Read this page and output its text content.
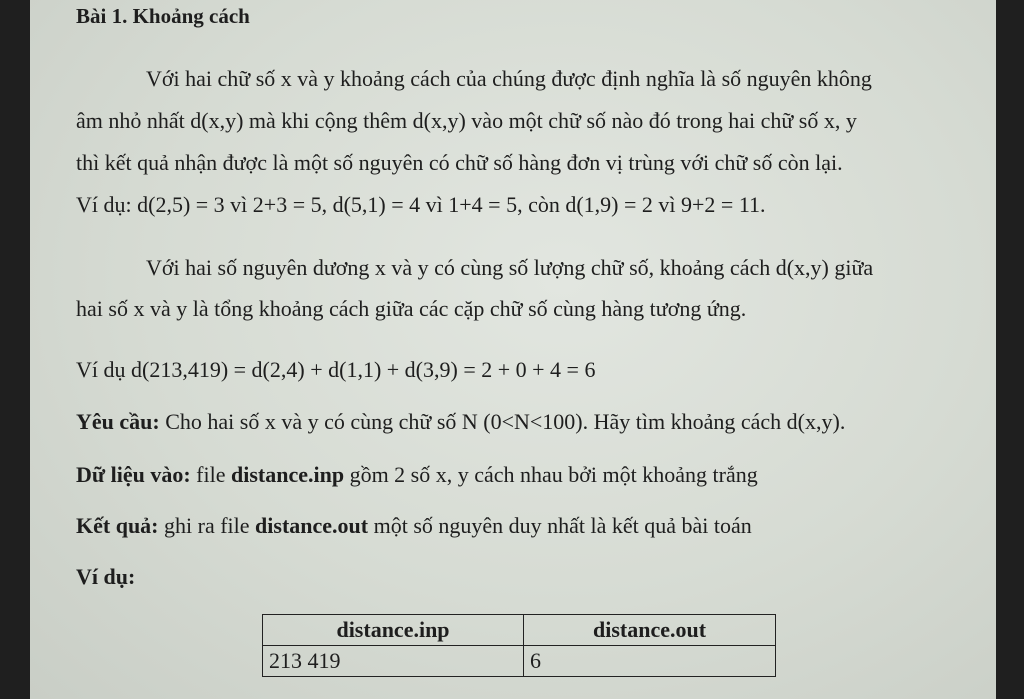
Bài 1. Khoảng cách
Với hai chữ số x và y khoảng cách của chúng được định nghĩa là số nguyên không
âm nhỏ nhất d(x,y) mà khi cộng thêm d(x,y) vào một chữ số nào đó trong hai chữ số x, y
thì kết quả nhận được là một số nguyên có chữ số hàng đơn vị trùng với chữ số còn lại.
Ví dụ: d(2,5) = 3 vì 2+3 = 5, d(5,1) = 4 vì 1+4 = 5, còn d(1,9) = 2 vì 9+2 = 11.
Với hai số nguyên dương x và y có cùng số lượng chữ số, khoảng cách d(x,y) giữa
hai số x và y là tổng khoảng cách giữa các cặp chữ số cùng hàng tương ứng.
Ví dụ d(213,419) = d(2,4) + d(1,1) + d(3,9) = 2 + 0 + 4 = 6
Yêu cầu: Cho hai số x và y có cùng chữ số N (0<N<100). Hãy tìm khoảng cách d(x,y).
Dữ liệu vào: file distance.inp gồm 2 số x, y cách nhau bởi một khoảng trắng
Kết quả: ghi ra file distance.out một số nguyên duy nhất là kết quả bài toán
Ví dụ:
distance.inp	distance.out
213 419	6
